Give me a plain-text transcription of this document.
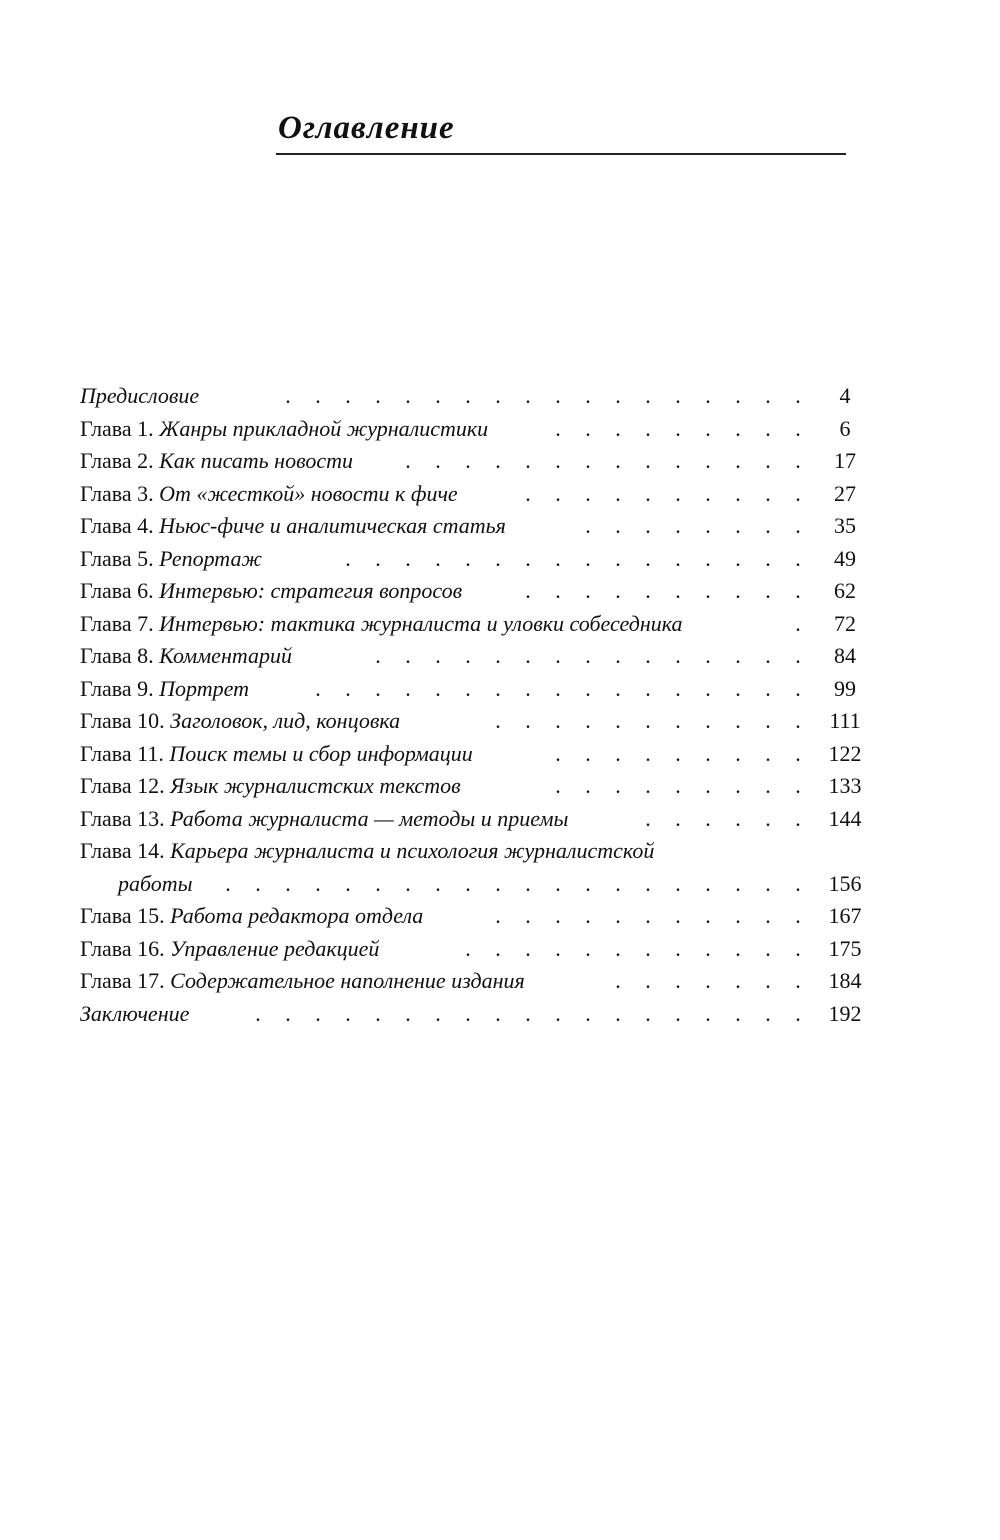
Оглавление
Предисловие	. . . . . . . . . . . . . . . . . .	4
Глава 1. Жанры прикладной журналистики	. . . . . . . . .	6
Глава 2. Как писать новости	. . . . . . . . . . . . . .	17
Глава 3. От «жесткой» новости к фиче	. . . . . . . . . .	27
Глава 4. Ньюс-фиче и аналитическая статья	. . . . . . . .	35
Глава 5. Репортаж	. . . . . . . . . . . . . . . .	49
Глава 6. Интервью: стратегия вопросов	. . . . . . . . . .	62
Глава 7. Интервью: тактика журналиста и уловки собеседника	.	72
Глава 8. Комментарий	. . . . . . . . . . . . . . .	84
Глава 9. Портрет	. . . . . . . . . . . . . . . . .	99
Глава 10. Заголовок, лид, концовка	. . . . . . . . . . .	111
Глава 11. Поиск темы и сбор информации	. . . . . . . . .	122
Глава 12. Язык журналистских текстов	. . . . . . . . .	133
Глава 13. Работа журналиста — методы и приемы	. . . . . .	144
Глава 14. Карьера журналиста и психология журналистской
работы	. . . . . . . . . . . . . . . . . . . .	156
Глава 15. Работа редактора отдела	. . . . . . . . . . .	167
Глава 16. Управление редакцией	. . . . . . . . . . . .	175
Глава 17. Содержательное наполнение издания	. . . . . . .	184
Заключение	. . . . . . . . . . . . . . . . . . .	192
